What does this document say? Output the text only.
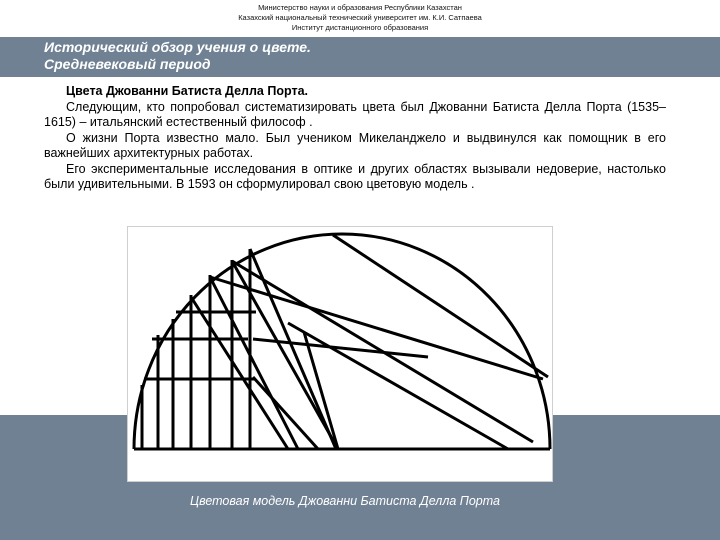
Министерство науки и образования Республики Казахстан
Казахский национальный технический университет им. К.И. Сатпаева
Институт дистанционного образования
Исторический обзор учения о цвете.
Средневековый период

Цвета Джованни Батиста Делла Порта.

Следующим, кто попробовал систематизировать цвета был Джованни Батиста Делла Порта (1535–1615) – итальянский естественный философ .

О жизни Порта известно мало. Был учеником Микеланджело и выдвинулся как помощник в его важнейших архитектурных работах.

Его экспериментальные исследования в оптике и других областях вызывали недоверие, настолько были удивительными. В 1593 он сформулировал свою цветовую модель .

Цветовая модель Джованни Батиста Делла Порта
